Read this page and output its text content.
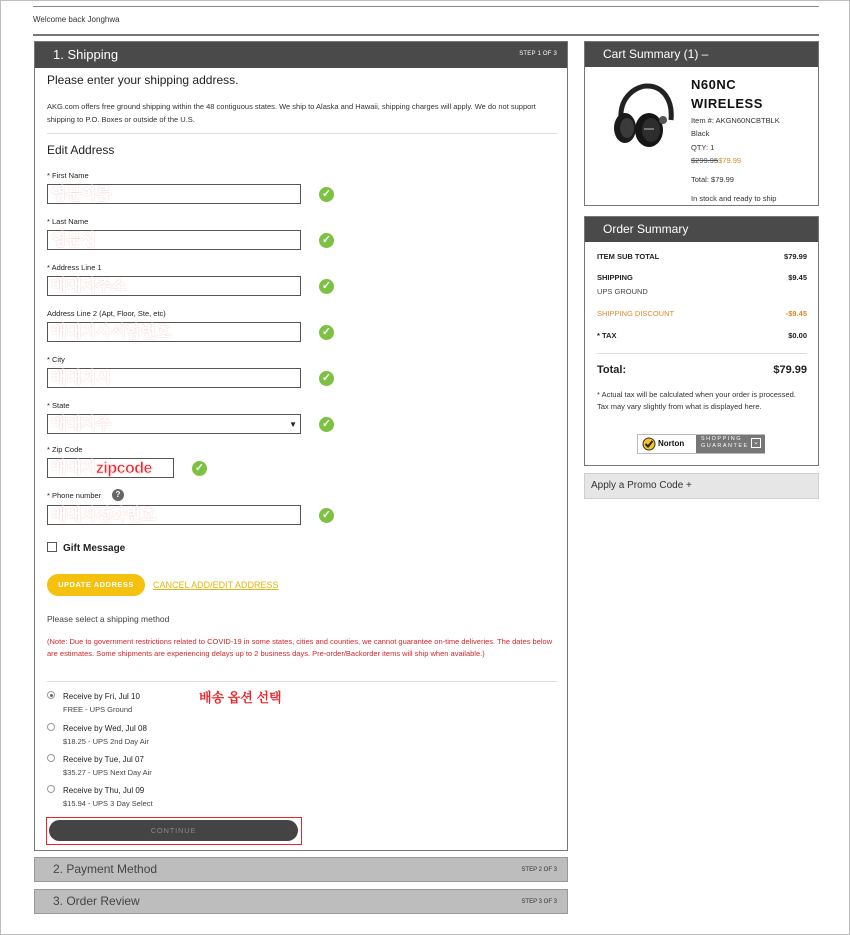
Welcome back Jonghwa
1. Shipping	STEP 1 OF 3
Please enter your shipping address.
AKG.com offers free ground shipping within the 48 contiguous states. We ship to Alaska and Hawaii, shipping charges will apply. We do not support shipping to P.O. Boxes or outside of the U.S.
Edit Address
* First Name
영문이름	✓
* Last Name
영문성	✓
* Address Line 1
배대지주소	✓
Address Line 2 (Apt, Floor, Ste, etc)
배대지사서함번호	✓
* City
배대지시	✓
* State
배대지주	▼ ✓
* Zip Code
배대지zipcode	✓
* Phone number	?
배대지전화번호	✓
Gift Message
UPDATE ADDRESS	CANCEL ADD/EDIT ADDRESS
Please select a shipping method
(Note: Due to government restrictions related to COVID-19 in some states, cities and counties, we cannot guarantee on-time deliveries. The dates below are estimates. Some shipments are experiencing delays up to 2 business days. Pre-order/Backorder items will ship when available.)
Receive by Fri, Jul 10
FREE - UPS Ground
Receive by Wed, Jul 08
$18.25 - UPS 2nd Day Air
Receive by Tue, Jul 07
$35.27 - UPS Next Day Air
Receive by Thu, Jul 09
$15.94 - UPS 3 Day Select
배송 옵션 선택
CONTINUE
2. Payment Method	STEP 2 OF 3
3. Order Review	STEP 3 OF 3
Cart Summary (1) –
N60NC
WIRELESS
Item #: AKGN60NCBTBLK
Black
QTY: 1
$299.95$79.99
Total: $79.99
In stock and ready to ship
Order Summary
ITEM SUB TOTAL	$79.99
SHIPPING	$9.45
UPS GROUND
SHIPPING DISCOUNT	-$9.45
* TAX	$0.00
Total:	$79.99
* Actual tax will be calculated when your order is processed. Tax may vary slightly from what is displayed here.
Norton	SHOPPING
GUARANTEE ⌄
Apply a Promo Code +
